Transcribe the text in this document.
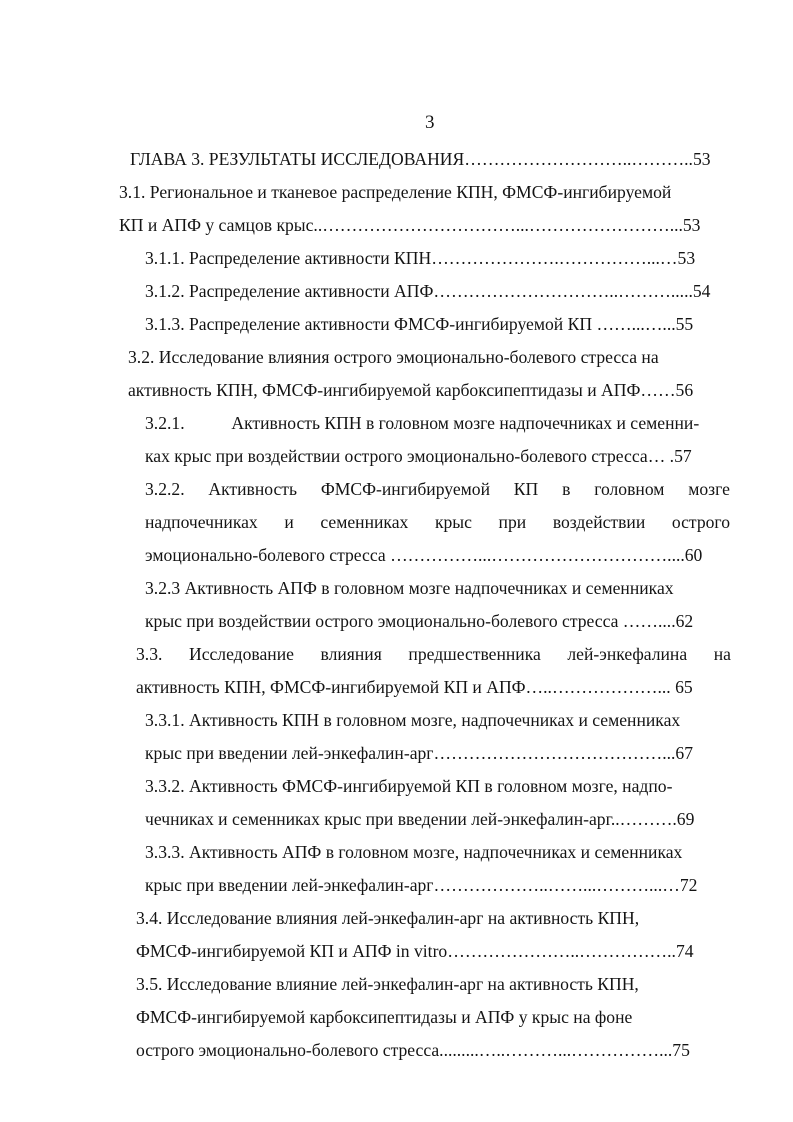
3
ГЛАВА 3. РЕЗУЛЬТАТЫ ИССЛЕДОВАНИЯ………………………..………..53
3.1. Региональное и тканевое распределение КПН, ФМСФ-ингибируемой
КП и АПФ у самцов крыс..……………………………...……………………...53
3.1.1. Распределение активности КПН………………….……………...…53
3.1.2. Распределение активности АПФ…………………………..……….....54
3.1.3. Распределение активности ФМСФ-ингибируемой КП ……...…...55
3.2. Исследование влияния острого эмоционально-болевого стресса на
активность КПН, ФМСФ-ингибируемой карбоксипептидазы и АПФ……56
3.2.1.	Активность КПН в головном мозге надпочечниках и семенни-
ках крыс при воздействии острого эмоционально-болевого стресса… .57
3.2.2. Активность ФМСФ-ингибируемой КП в головном мозге
надпочечниках и семенниках крыс при воздействии острого
эмоционально-болевого стресса ……………...…………………………....60
3.2.3 Активность АПФ в головном мозге надпочечниках и семенниках
крыс при воздействии острого эмоционально-болевого стресса ……....62
3.3. Исследование влияния предшественника лей-энкефалина на
активность КПН, ФМСФ-ингибируемой КП и АПФ…..………………... 65
3.3.1. Активность КПН в головном мозге, надпочечниках и семенниках
крыс при введении лей-энкефалин-арг…………………………………...67
3.3.2. Активность ФМСФ-ингибируемой КП в головном мозге, надпо-
чечниках и семенниках крыс при введении лей-энкефалин-арг..……….69
3.3.3. Активность АПФ в головном мозге, надпочечниках и семенниках
крыс при введении лей-энкефалин-арг………………..……...………...…72
3.4. Исследование влияния лей-энкефалин-арг на активность КПН,
ФМСФ-ингибируемой КП и АПФ in vitro…………………..……………..74
3.5. Исследование влияние лей-энкефалин-арг на активность КПН,
ФМСФ-ингибируемой карбоксипептидазы и АПФ у крыс на фоне
острого эмоционально-болевого стресса.........…..………...……………...75
